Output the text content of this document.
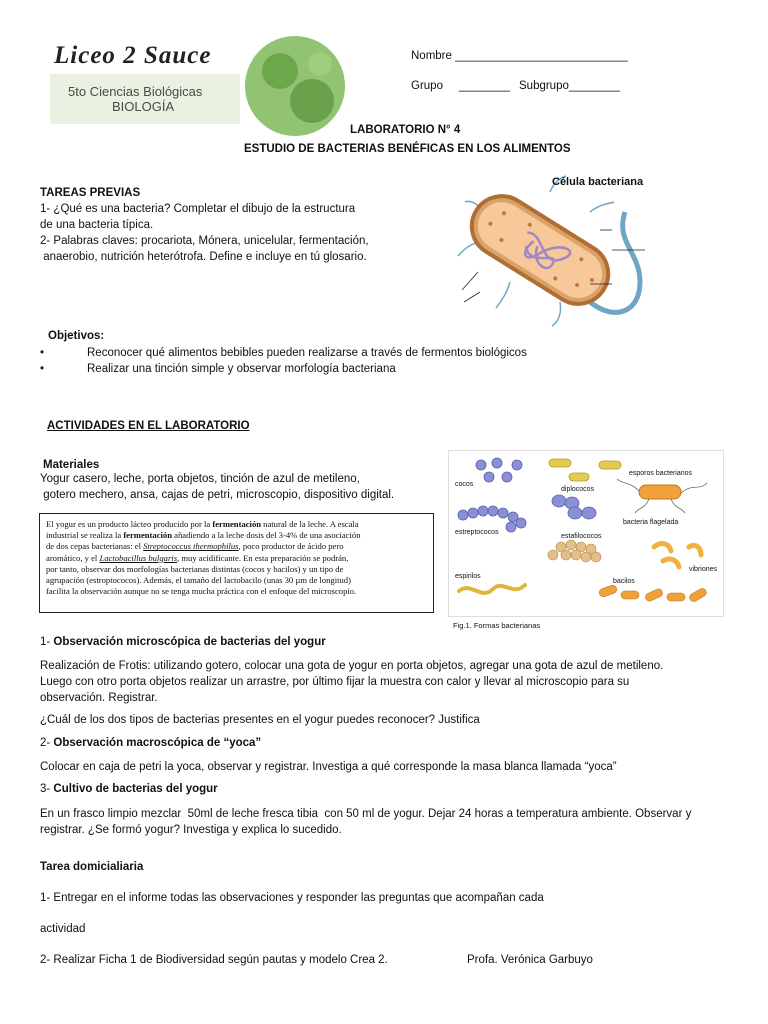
Liceo 2 Sauce
5to Ciencias Biológicas
BIOLOGÍA
Nombre ___________________________
Grupo ________ Subgrupo________
LABORATORIO N° 4
ESTUDIO DE BACTERIAS BENÉFICAS EN LOS ALIMENTOS
TAREAS PREVIAS
1- ¿Qué es una bacteria? Completar el dibujo de la estructura
de una bacteria típica.
2- Palabras claves: procariota, Mónera, unicelular, fermentación,
anaerobio, nutrición heterótrofa. Define e incluye en tú glosario.
Célula bacteriana
Objetivos:
•	Reconocer qué alimentos bebibles pueden realizarse a través de fermentos biológicos
•	Realizar una tinción simple y observar morfología bacteriana
ACTIVIDADES EN EL LABORATORIO
Materiales
Yogur casero, leche, porta objetos, tinción de azul de metileno,
gotero mechero, ansa, cajas de petri, microscopio, dispositivo digital.
El yogur es un producto lácteo producido por la fermentación natural de la leche. A escala
industrial se realiza la fermentación añadiendo a la leche dosis del 3-4% de una asociación
de dos cepas bacterianas: el Streptococcus thermophilus, poco productor de ácido pero
aromático, y el Lactobacillus bulgaris, muy acidificante. En esta preparación se podrán,
por tanto, observar dos morfologías bacterianas distintas (cocos y bacilos) y un tipo de
agrupación (estroptococos). Además, el tamaño del lactobacilo (unas 30 µm de longitud)
facilita la observación aunque no se tenga mucha práctica con el enfoque del microscopio.
cocos
esporos bacterianos
diplococos
bacteria flagelada
estreptococos
estafilococos
vibriones
espirilos
bacilos
Fig.1. Formas bacterianas
1- Observación microscópica de bacterias del yogur
Realización de Frotis: utilizando gotero, colocar una gota de yogur en porta objetos, agregar una gota de azul de metileno.
Luego con otro porta objetos realizar un arrastre, por último fijar la muestra con calor y llevar al microscopio para su
observación. Registrar.
¿Cuál de los dos tipos de bacterias presentes en el yogur puedes reconocer? Justifica
2- Observación macroscópica de “yoca”
Colocar en caja de petri la yoca, observar y registrar. Investiga a qué corresponde la masa blanca llamada “yoca”
3- Cultivo de bacterias del yogur
En un frasco limpio mezclar  50ml de leche fresca tibia  con 50 ml de yogur. Dejar 24 horas a temperatura ambiente. Observar y
registrar. ¿Se formó yogur? Investiga y explica lo sucedido.
Tarea domicialiaria
1- Entregar en el informe todas las observaciones y responder las preguntas que acompañan cada
actividad
2- Realizar Ficha 1 de Biodiversidad según pautas y modelo Crea 2.	Profa. Verónica Garbuyo
